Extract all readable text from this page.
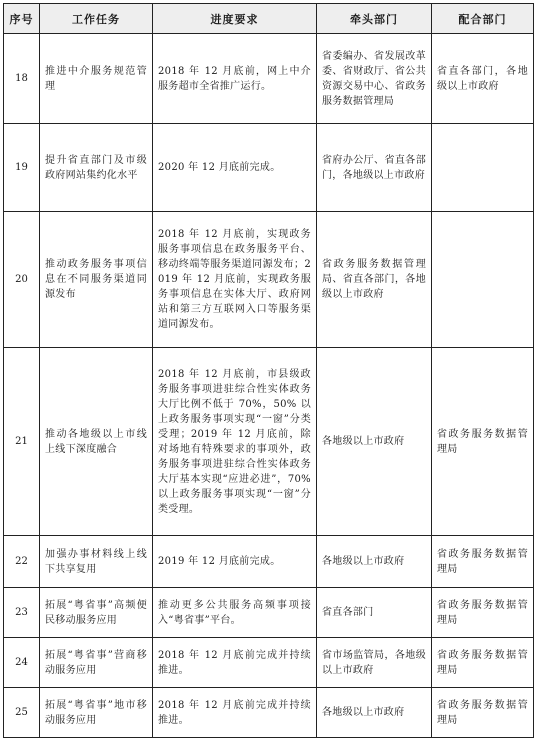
序号	工作任务	进度要求	牵头部门	配合部门
18	推进中介服务规范管理	2018 年 12 月底前，网上中介服务超市全省推广运行。	省委编办、省发展改革委、省财政厅、省公共资源交易中心、省政务服务数据管理局	省直各部门，各地级以上市政府

19	提升省直部门及市级政府网站集约化水平	2020 年 12 月底前完成。	省府办公厅、省直各部门，各地级以上市政府	

20	推动政务服务事项信息在不同服务渠道同源发布	2018 年 12 月底前，实现政务服务事项信息在政务服务平台、移动终端等服务渠道同源发布；2019 年 12 月底前，实现政务服务事项信息在实体大厅、政府网站和第三方互联网入口等服务渠道同源发布。	省政务服务数据管理局、省直各部门，各地级以上市政府	

21	推动各地级以上市线上线下深度融合	2018 年 12 月底前，市县级政务服务事项进驻综合性实体政务大厅比例不低于 70%，50% 以上政务服务事项实现“一窗”分类受理；2019 年 12 月底前，除对场地有特殊要求的事项外，政务服务事项进驻综合性实体政务大厅基本实现“应进必进”，70% 以上政务服务事项实现“一窗”分类受理。	各地级以上市政府	省政务服务数据管理局

22	加强办事材料线上线下共享复用	2019 年 12 月底前完成。	各地级以上市政府	省政务服务数据管理局

23	拓展“粤省事”高频便民移动服务应用	推动更多公共服务高频事项接入“粤省事”平台。	省直各部门	省政务服务数据管理局

24	拓展“粤省事”营商移动服务应用	2018 年 12 月底前完成并持续推进。	省市场监管局，各地级以上市政府	省政务服务数据管理局

25	拓展“粤省事”地市移动服务应用	2018 年 12 月底前完成并持续推进。	各地级以上市政府	省政务服务数据管理局
